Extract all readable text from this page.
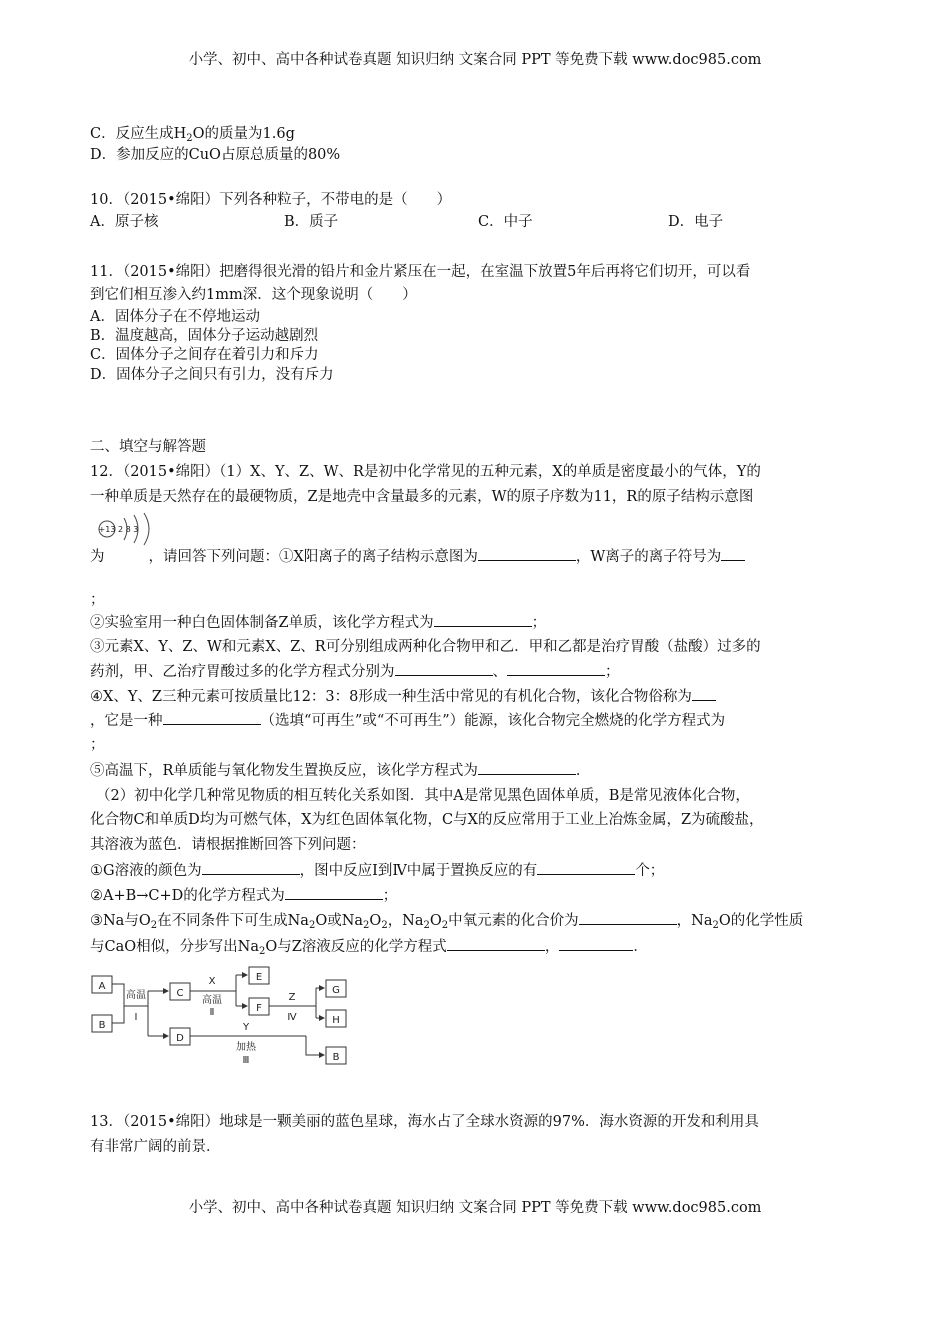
小学、初中、高中各种试卷真题 知识归纳 文案合同 PPT 等免费下载 www.doc985.com
C．反应生成$H_2O$的质量为1.6g
D．参加反应的CuO占原总质量的80%
10．（2015•绵阳）下列各种粒子，不带电的是（　　）
A．原子核	B．质子	C．中子	D．电子
11．（2015•绵阳）把磨得很光滑的铅片和金片紧压在一起，在室温下放置5年后再将它们切开，可以看
到它们相互渗入约1mm深．这个现象说明（　　）
A．固体分子在不停地运动
B．温度越高，固体分子运动越剧烈
C．固体分子之间存在着引力和斥力
D．固体分子之间只有引力，没有斥力
二、填空与解答题
12．（2015•绵阳）（1）X、Y、Z、W、R是初中化学常见的五种元素，X的单质是密度最小的气体，Y的
一种单质是天然存在的最硬物质，Z是地壳中含量最多的元素，W的原子序数为11，R的原子结构示意图
+13 2 8 3
为	，请回答下列问题：①X阳离子的离子结构示意图为	，W离子的离子符号为
；
②实验室用一种白色固体制备Z单质，该化学方程式为	；
③元素X、Y、Z、W和元素X、Z、R可分别组成两种化合物甲和乙．甲和乙都是治疗胃酸（盐酸）过多的
药剂，甲、乙治疗胃酸过多的化学方程式分别为	、	；
④X、Y、Z三种元素可按质量比12：3：8形成一种生活中常见的有机化合物，该化合物俗称为
，它是一种	（选填“可再生”或“不可再生”）能源，该化合物完全燃烧的化学方程式为
；
⑤高温下，R单质能与氧化物发生置换反应，该化学方程式为	．
（2）初中化学几种常见物质的相互转化关系如图．其中A是常见黑色固体单质，B是常见液体化合物，
化合物C和单质D均为可燃气体，X为红色固体氧化物，C与X的反应常用于工业上冶炼金属，Z为硫酸盐，
其溶液为蓝色．请根据推断回答下列问题：
①G溶液的颜色为	，图中反应Ⅰ到Ⅳ中属于置换反应的有	个；
②A+B→C+D的化学方程式为	；
③Na与$O_2$在不同条件下可生成$Na_2O$或$Na_2O_2$，$Na_2O_2$中氧元素的化合价为	，$Na_2O$的化学性质
与CaO相似，分步写出$Na_2O$与Z溶液反应的化学方程式	，	．
A
B
C
D
E
F
G
H
B
高温
Ⅰ
X
高温
Ⅱ
Z
Ⅳ
Y
加热
Ⅲ
13．（2015•绵阳）地球是一颗美丽的蓝色星球，海水占了全球水资源的97%．海水资源的开发和利用具
有非常广阔的前景．
小学、初中、高中各种试卷真题 知识归纳 文案合同 PPT 等免费下载 www.doc985.com
